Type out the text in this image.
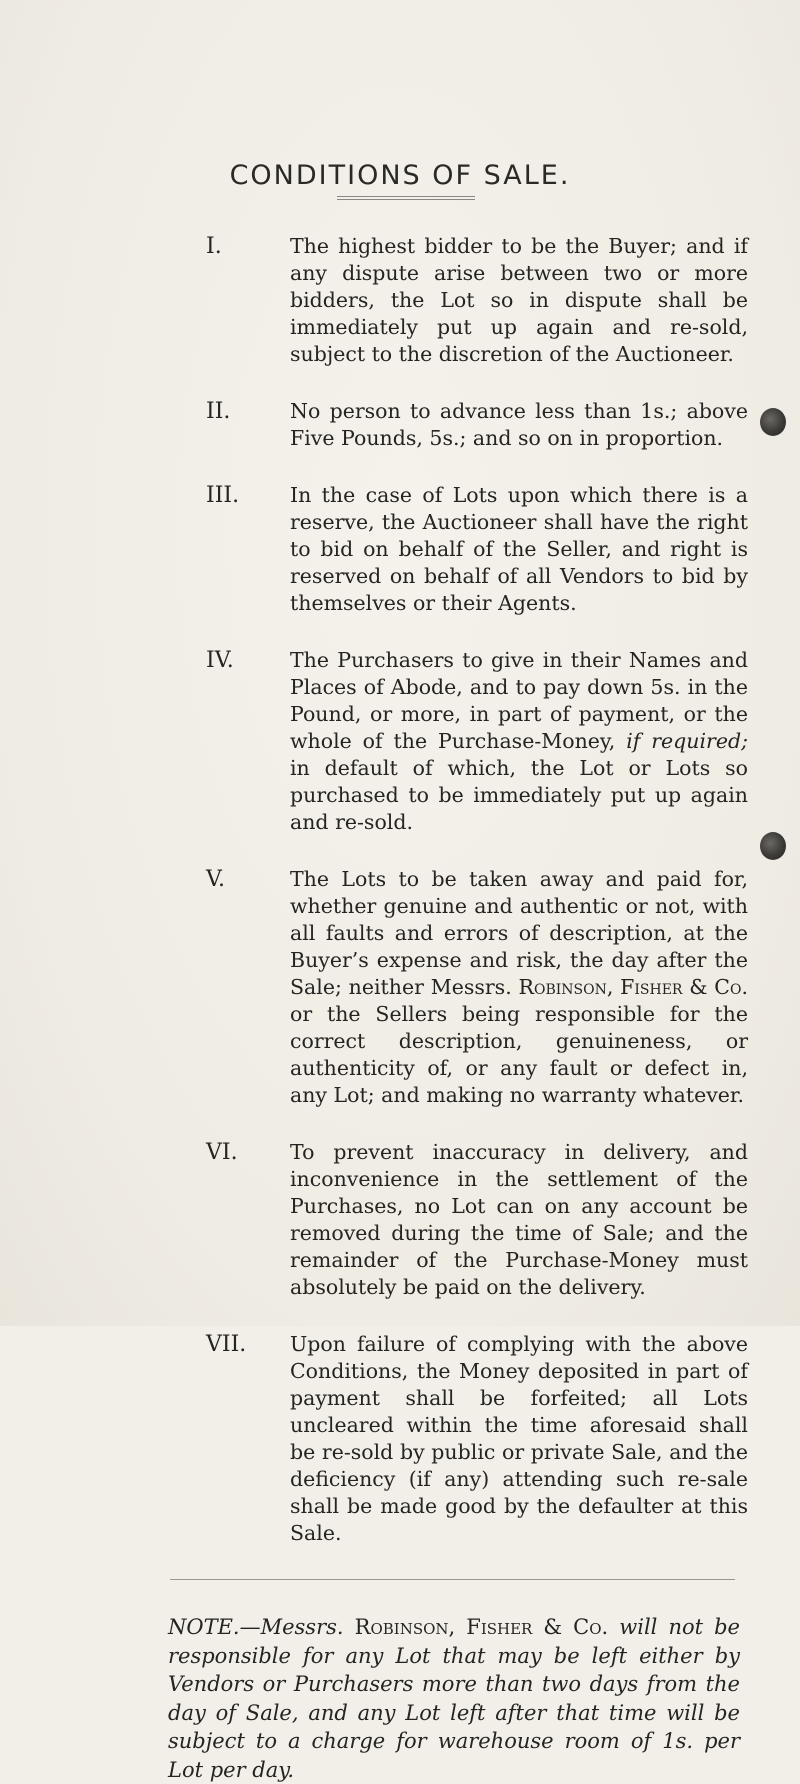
CONDITIONS OF SALE.
I.	The highest bidder to be the Buyer; and if any dispute arise between two or more bidders, the Lot so in dispute shall be immediately put up again and re-sold, subject to the discretion of the Auctioneer.
II.	No person to advance less than 1s.; above Five Pounds, 5s.; and so on in proportion.
III.	In the case of Lots upon which there is a reserve, the Auctioneer shall have the right to bid on behalf of the Seller, and right is reserved on behalf of all Vendors to bid by themselves or their Agents.
IV.	The Purchasers to give in their Names and Places of Abode, and to pay down 5s. in the Pound, or more, in part of payment, or the whole of the Purchase-Money, if required; in default of which, the Lot or Lots so purchased to be immediately put up again and re-sold.
V.	The Lots to be taken away and paid for, whether genuine and authentic or not, with all faults and errors of description, at the Buyer’s expense and risk, the day after the Sale; neither Messrs. Robinson, Fisher & Co. or the Sellers being responsible for the correct description, genuineness, or authenticity of, or any fault or defect in, any Lot; and making no warranty whatever.
VI.	To prevent inaccuracy in delivery, and inconvenience in the settlement of the Purchases, no Lot can on any account be removed during the time of Sale; and the remainder of the Purchase-Money must absolutely be paid on the delivery.
VII.	Upon failure of complying with the above Conditions, the Money deposited in part of payment shall be forfeited; all Lots uncleared within the time aforesaid shall be re-sold by public or private Sale, and the deficiency (if any) attending such re-sale shall be made good by the defaulter at this Sale.
NOTE.—Messrs. Robinson, Fisher & Co. will not be responsible for any Lot that may be left either by Vendors or Purchasers more than two days from the day of Sale, and any Lot left after that time will be subject to a charge for warehouse room of 1s. per Lot per day.
